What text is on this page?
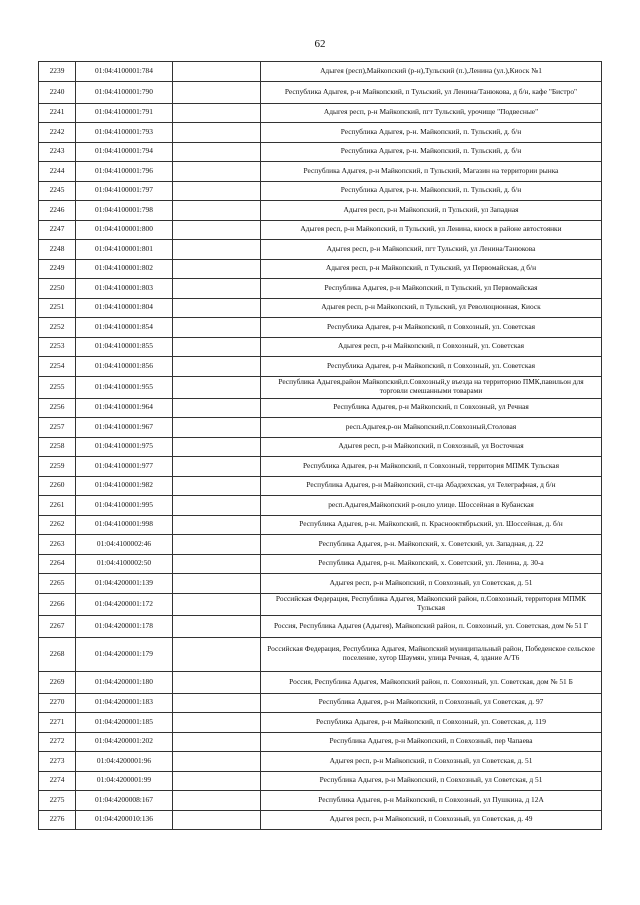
62
2239	01:04:4100001:784		Адыгея (респ),Майкопский (р-н),Тульский (п.),Ленина (ул.),Киоск №1
2240	01:04:4100001:790		Республика Адыгея, р-н Майкопский, п Тульский, ул Ленина/Танюкова, д б/н, кафе "Бистро"
2241	01:04:4100001:791		Адыгея респ, р-н Майкопский, пгт Тульский, урочище "Подвесные"
2242	01:04:4100001:793		Республика Адыгея, р-н. Майкопский, п. Тульский, д. б/н
2243	01:04:4100001:794		Республика Адыгея, р-н. Майкопский, п. Тульский, д. б/н
2244	01:04:4100001:796		Республика Адыгея, р-н Майкопский, п Тульский, Магазин на территории рынка
2245	01:04:4100001:797		Республика Адыгея, р-н. Майкопский, п. Тульский, д. б/н
2246	01:04:4100001:798		Адыгея респ, р-н Майкопский, п Тульский, ул Западная
2247	01:04:4100001:800		Адыгея респ, р-н Майкопский, п Тульский, ул Ленина, киоск в районе автостоянки
2248	01:04:4100001:801		Адыгея респ, р-н Майкопский, пгт Тульский, ул Ленина/Танюкова
2249	01:04:4100001:802		Адыгея респ, р-н Майкопский, п Тульский, ул Первомайская, д б/н
2250	01:04:4100001:803		Республика Адыгея, р-н Майкопский, п Тульский, ул Первомайская
2251	01:04:4100001:804		Адыгея респ, р-н Майкопский, п Тульский, ул Революционная, Киоск
2252	01:04:4100001:854		Республика Адыгея, р-н Майкопский, п Совхозный, ул. Советская
2253	01:04:4100001:855		Адыгея респ, р-н Майкопский, п Совхозный, ул. Советская
2254	01:04:4100001:856		Республика Адыгея, р-н Майкопский, п Совхозный, ул. Советская
2255	01:04:4100001:955		Республика Адыгея,район Майкопский,п.Совхозный,у въезда на территорию ПМК,павильон для торговли смешанными товарами
2256	01:04:4100001:964		Республика Адыгея, р-н Майкопский, п Совхозный, ул Речная
2257	01:04:4100001:967		респ.Адыгея,р-он Майкопский,п.Совхозный,Столовая
2258	01:04:4100001:975		Адыгея респ, р-н Майкопский, п Совхозный, ул Восточная
2259	01:04:4100001:977		Республика Адыгея, р-н Майкопский, п Совхозный, территория МПМК Тульская
2260	01:04:4100001:982		Республика Адыгея, р-н Майкопский, ст-ца Абадзехская, ул Телеграфная, д б/н
2261	01:04:4100001:995		респ.Адыгея,Майкопский р-он,по улице. Шоссейная в Кубанская
2262	01:04:4100001:998		Республика Адыгея, р-н. Майкопский, п. Краснооктябрьский, ул. Шоссейная, д. б/н
2263	01:04:4100002:46		Республика Адыгея, р-н. Майкопский, х. Советский, ул. Западная, д. 22
2264	01:04:4100002:50		Республика Адыгея, р-н. Майкопский, х. Советский, ул. Ленина, д. 30-а
2265	01:04:4200001:139		Адыгея респ, р-н Майкопский, п Совхозный, ул Советская, д. 51
2266	01:04:4200001:172		Российская Федерация, Республика Адыгея, Майкопский район, п.Совхозный, территория МПМК Тульская
2267	01:04:4200001:178		Россия, Республика Адыгея (Адыгея), Майкопский район, п. Совхозный, ул. Советская, дом № 51 Г
2268	01:04:4200001:179		Российская Федерация, Республика Адыгея, Майкопский муниципальный район, Победенское сельское поселение, хутор Шаумян, улица Речная, 4, здание А/Т6
2269	01:04:4200001:180		Россия, Республика Адыгея, Майкопский район, п. Совхозный, ул. Советская, дом № 51 Б
2270	01:04:4200001:183		Республика Адыгея, р-н Майкопский, п Совхозный, ул Советская, д. 97
2271	01:04:4200001:185		Республика Адыгея, р-н Майкопский, п Совхозный, ул. Советская, д. 119
2272	01:04:4200001:202		Республика Адыгея, р-н Майкопский, п Совхозный, пер Чапаева
2273	01:04:4200001:96		Адыгея респ, р-н Майкопский, п Совхозный, ул Советская, д. 51
2274	01:04:4200001:99		Республика Адыгея, р-н Майкопский, п Совхозный, ул Советская, д 51
2275	01:04:4200008:167		Республика Адыгея, р-н Майкопский, п Совхозный, ул Пушкина, д 12А
2276	01:04:4200010:136		Адыгея респ, р-н Майкопский, п Совхозный, ул Советская, д. 49
